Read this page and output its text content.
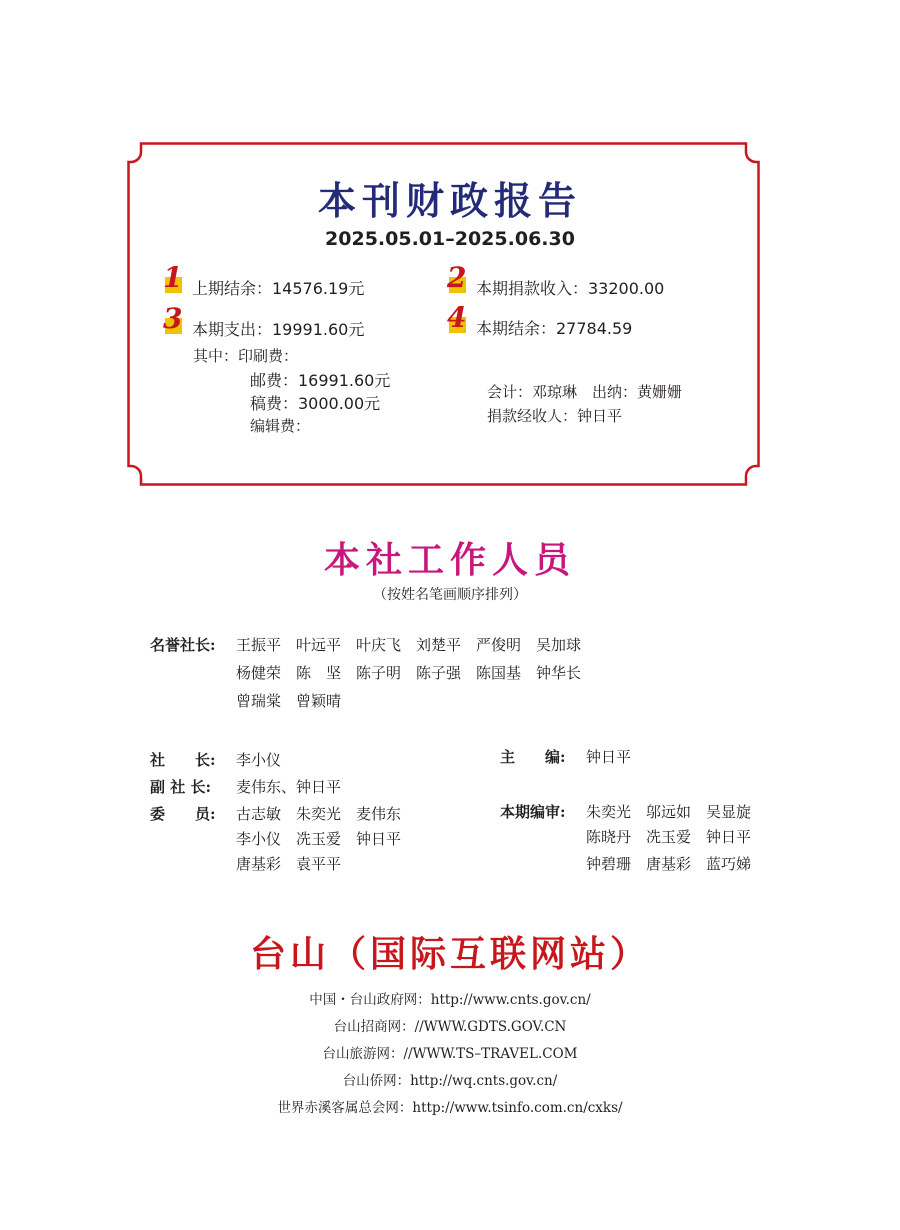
本刊财政报告
2025.05.01–2025.06.30
1 上期结余：14576.19元	2 本期捐款收入：33200.00
3 本期支出：19991.60元	4 本期结余：27784.59
其中：印刷费：
邮费：16991.60元
稿费：3000.00元
编辑费：
会计：邓琼琳　出纳：黄姗姗
捐款经收人：钟日平
本社工作人员
（按姓名笔画顺序排列）
名誉社长: 王振平　叶远平　叶庆飞　刘楚平　严俊明　吴加球
杨健荣　陈　坚　陈子明　陈子强　陈国基　钟华长
曾瑞棠　曾颖晴
社　　长: 李小仪
副 社 长: 麦伟东、钟日平
委　　员: 古志敏　朱奕光　麦伟东
李小仪　冼玉爱　钟日平
唐基彩　袁平平
主　　编: 钟日平
本期编审: 朱奕光　邬远如　吴显旋
陈晓丹　冼玉爱　钟日平
钟碧珊　唐基彩　蓝巧娣
台山（国际互联网站）
中国・台山政府网：http://www.cnts.gov.cn/
台山招商网：//WWW.GDTS.GOV.CN
台山旅游网：//WWW.TS–TRAVEL.COM
台山侨网：http://wq.cnts.gov.cn/
世界赤溪客属总会网：http://www.tsinfo.com.cn/cxks/
